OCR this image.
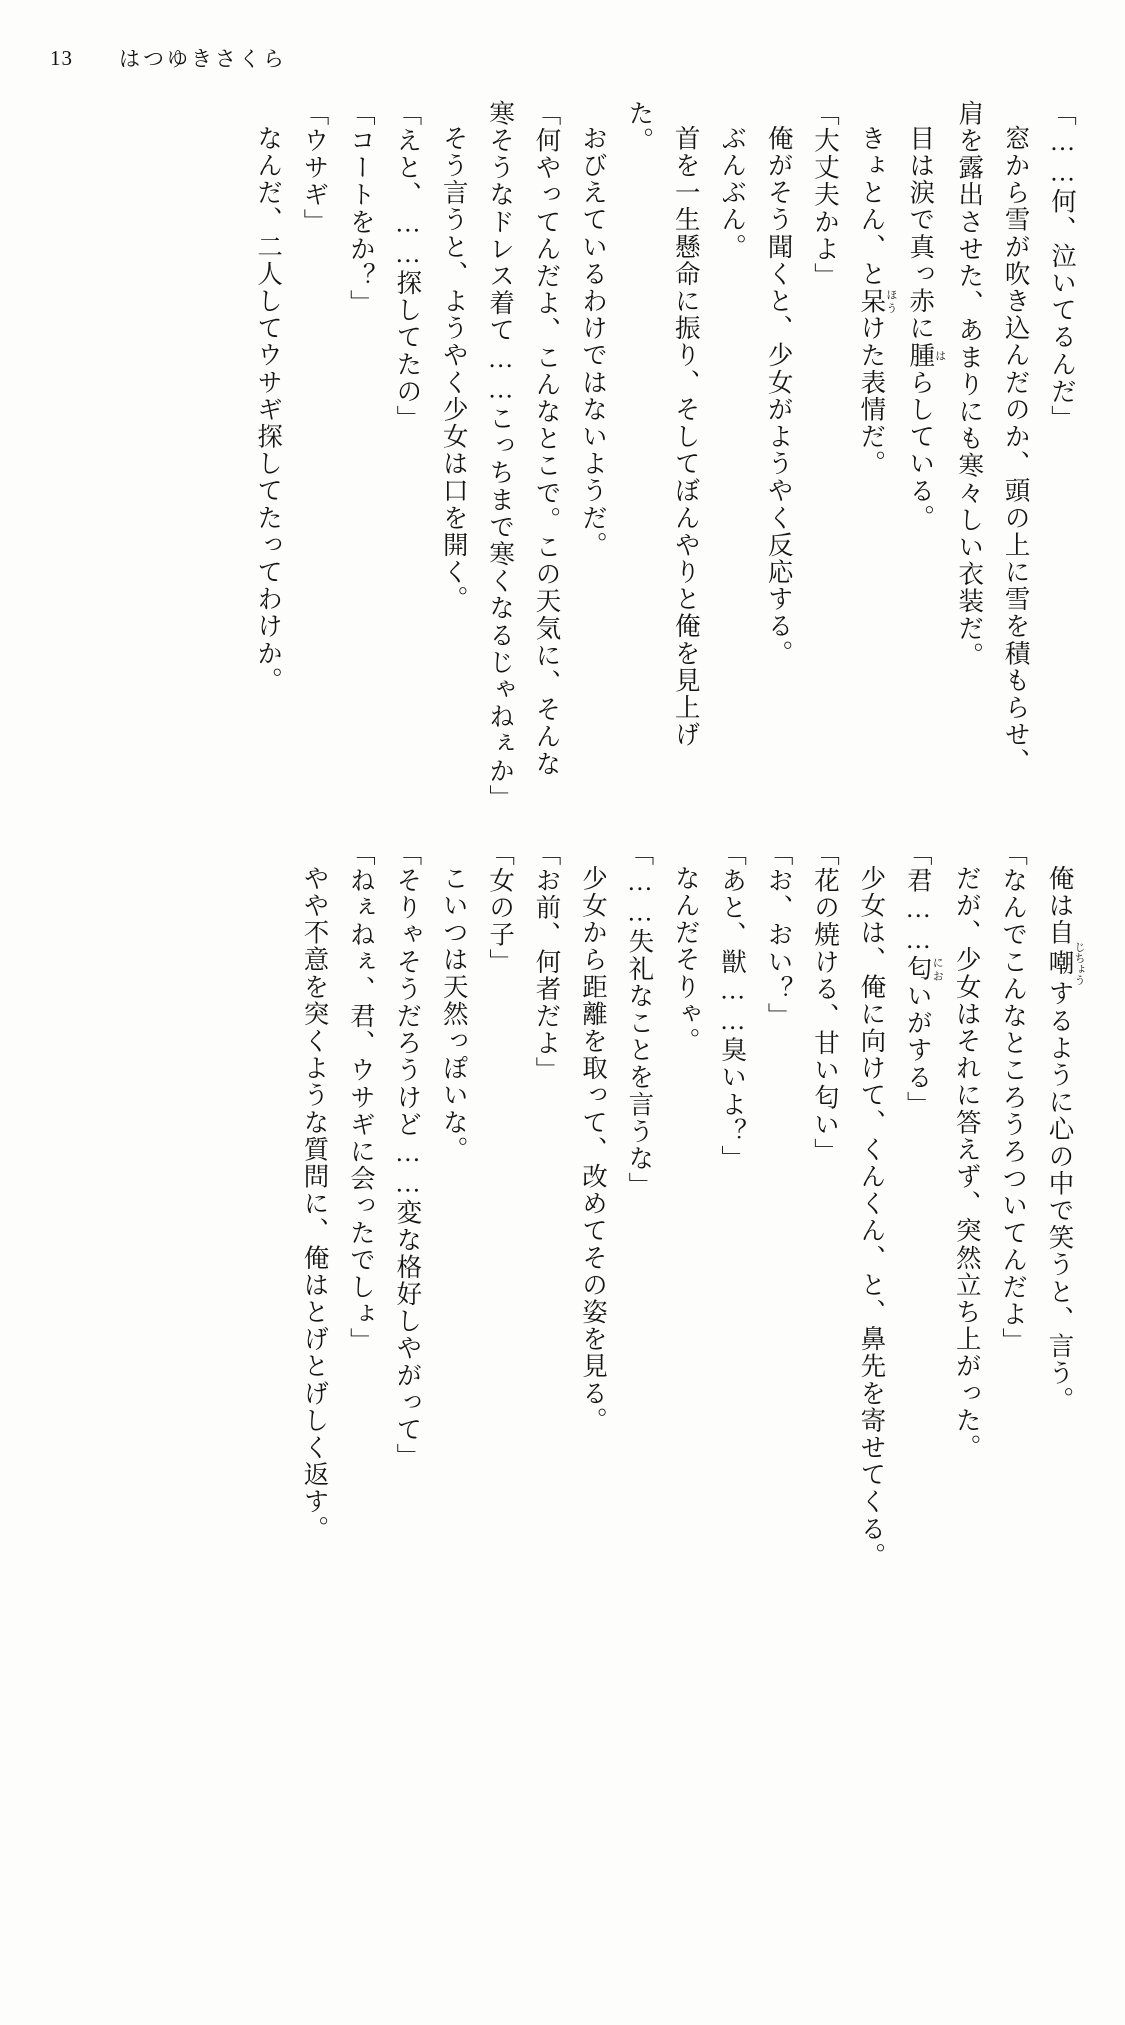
13 はつゆきさくら
「……何、泣いてるんだ」
窓から雪が吹き込んだのか、頭の上に雪を積もらせ、肩を露出させた、あまりにも寒々しい衣装だ。
目は涙で真っ赤に腫はらしている。
きょとん、と呆ほうけた表情だ。
「大丈夫かよ」
俺がそう聞くと、少女がようやく反応する。
ぶんぶん。
首を一生懸命に振り、そしてぼんやりと俺を見上げた。
おびえているわけではないようだ。
「何やってんだよ、こんなとこで。この天気に、そんな寒そうなドレス着て……こっちまで寒くなるじゃねぇか」
そう言うと、ようやく少女は口を開く。
「えと、……探してたの」
「コートをか？」
「ウサギ」
なんだ、二人してウサギ探してたってわけか。
俺は自嘲じちょうするように心の中で笑うと、言う。
「なんでこんなところうろついてんだよ」
だが、少女はそれに答えず、突然立ち上がった。
「君……匂においがする」
少女は、俺に向けて、くんくん、と、鼻先を寄せてくる。
「花の焼ける、甘い匂い」
「お、おい？」
「あと、獣……臭いよ？」
なんだそりゃ。
「……失礼なことを言うな」
少女から距離を取って、改めてその姿を見る。
「お前、何者だよ」
「女の子」
こいつは天然っぽいな。
「そりゃそうだろうけど……変な格好しやがって」
「ねぇねぇ、君、ウサギに会ったでしょ」
やや不意を突くような質問に、俺はとげとげしく返す。
